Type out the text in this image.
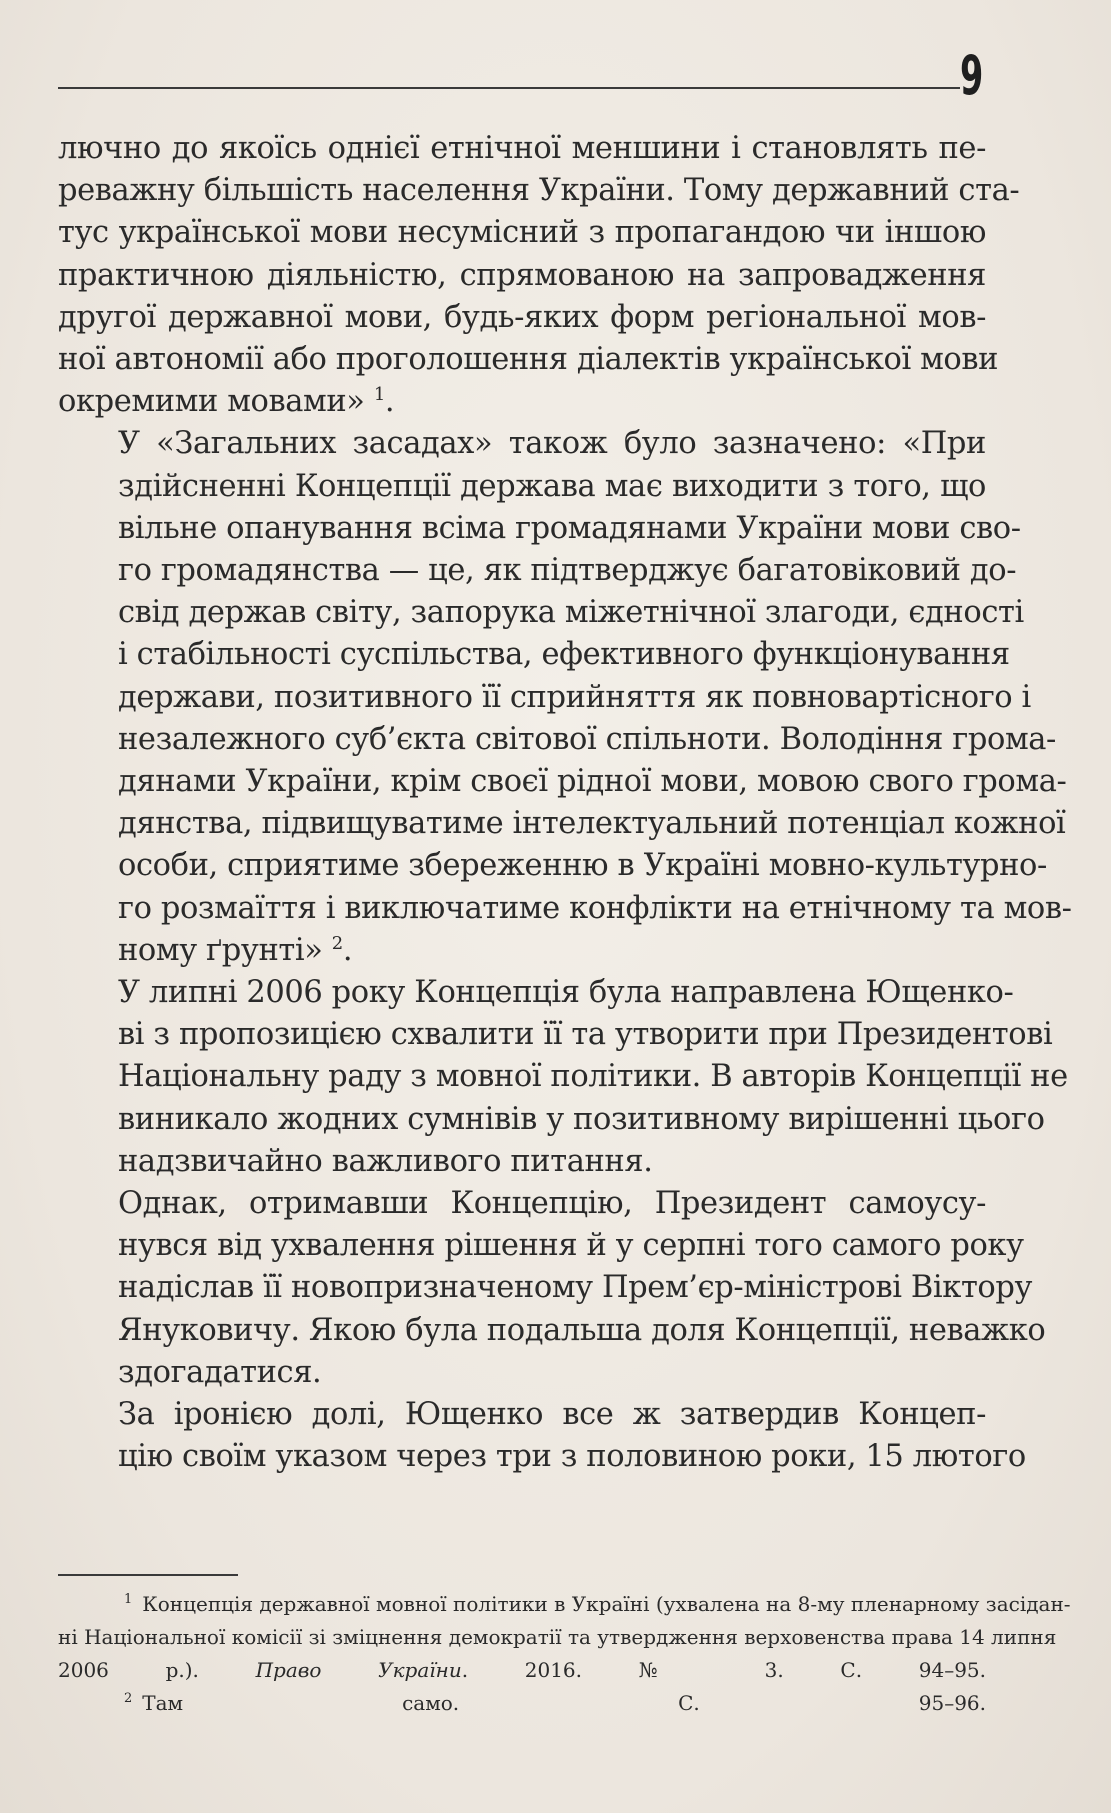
9

лючно до якоїсь однієї етнічної меншини і становлять пе-
реважну більшість населення України. Тому державний ста-
тус української мови несумісний з пропагандою чи іншою
практичною діяльністю, спрямованою на запровадження
другої державної мови, будь-яких форм регіональної мов-
ної автономії або проголошення діалектів української мови
окремими мовами» $^1$.

У «Загальних засадах» також було зазначено: «При
здійсненні Концепції держава має виходити з того, що
вільне опанування всіма громадянами України мови сво-
го громадянства — це, як підтверджує багатовіковий до-
свід держав світу, запорука міжетнічної злагоди, єдності
і стабільності суспільства, ефективного функціонування
держави, позитивного її сприйняття як повновартісного і
незалежного суб’єкта світової спільноти. Володіння грома-
дянами України, крім своєї рідної мови, мовою свого громa-
дянства, підвищуватиме інтелектуальний потенціал кожної
особи, сприятиме збереженню в Україні мовно-культурно-
го розмаїття і виключатиме конфлікти на етнічному та мов-
ному ґрунті» $^2$.

У липні 2006 року Концепція була направлена Ющенко-
ві з пропозицією схвалити її та утворити при Президентові
Національну раду з мовної політики. В авторів Концепції не
виникало жодних сумнівів у позитивному вирішенні цього
надзвичайно важливого питання.

Однак, отримавши Концепцію, Президент самоусу-
нувся від ухвалення рішення й у серпні того самого року
надіслав її новопризначеному Прем’єр-міністрові Віктору
Януковичу. Якою була подальша доля Концепції, неважко
здогадатися.

За іронією долі, Ющенко все ж затвердив Концеп-
цію своїм указом через три з половиною роки, 15 лютого

$^1$ Концепція державної мовної політики в Україні (ухвалена на 8-му пленарному засідан-
ні Національної комісії зі зміцнення демократії та утвердження верховенства права 14 липня
2006 р.). Право України. 2016. № 3. С. 94–95.

$^2$ Там само. С. 95–96.
